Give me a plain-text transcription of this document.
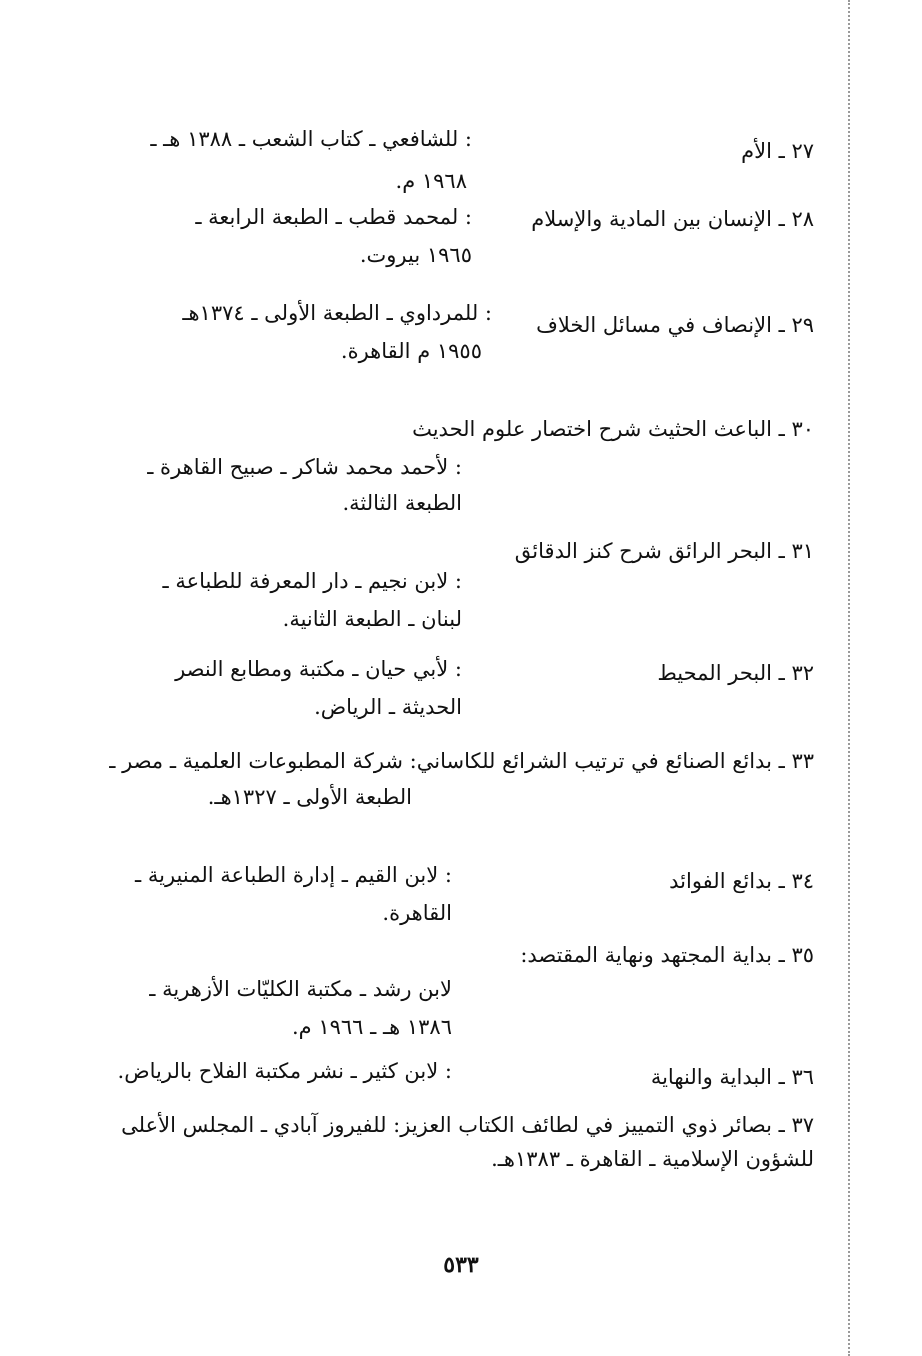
٢٧ ـ الأم
: للشافعي ـ كتاب الشعب ـ ١٣٨٨ هـ ـ
١٩٦٨ م.
٢٨ ـ الإنسان بين المادية والإسلام
: لمحمد قطب ـ الطبعة الرابعة ـ
١٩٦٥ بيروت.
٢٩ ـ الإنصاف في مسائل الخلاف
: للمرداوي ـ الطبعة الأولى ـ ١٣٧٤هـ
١٩٥٥ م القاهرة.
٣٠ ـ الباعث الحثيث شرح اختصار علوم الحديث
: لأحمد محمد شاكر ـ صبيح القاهرة ـ
الطبعة الثالثة.
٣١ ـ البحر الرائق شرح كنز الدقائق
: لابن نجيم ـ دار المعرفة للطباعة ـ
لبنان ـ الطبعة الثانية.
٣٢ ـ البحر المحيط
: لأبي حيان ـ مكتبة ومطابع النصر
الحديثة ـ الرياض.
٣٣ ـ بدائع الصنائع في ترتيب الشرائع للكاساني: شركة المطبوعات العلمية ـ مصر ـ
الطبعة الأولى ـ ١٣٢٧هـ.
٣٤ ـ بدائع الفوائد
: لابن القيم ـ إدارة الطباعة المنيرية ـ
القاهرة.
٣٥ ـ بداية المجتهد ونهاية المقتصد:
لابن رشد ـ مكتبة الكليّات الأزهرية ـ
١٣٨٦ هـ ـ ١٩٦٦ م.
٣٦ ـ البداية والنهاية
: لابن كثير ـ نشر مكتبة الفلاح بالرياض.
٣٧ ـ بصائر ذوي التمييز في لطائف الكتاب العزيز: للفيروز آبادي ـ المجلس الأعلى
للشؤون الإسلامية ـ القاهرة ـ ١٣٨٣هـ.
٥٣٣
